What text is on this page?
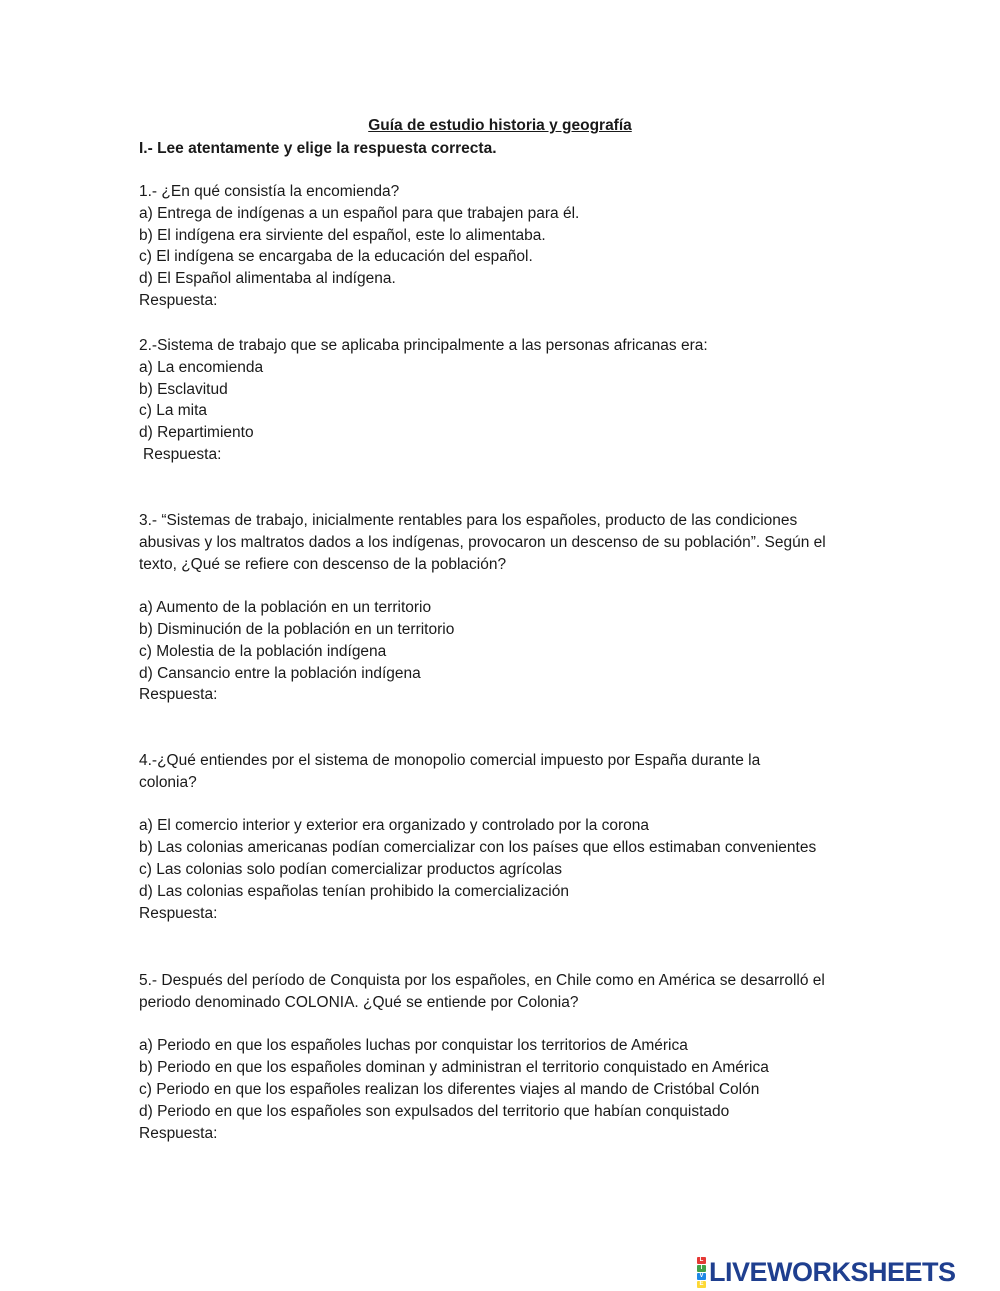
Guía de estudio historia y geografía

I.- Lee atentamente y elige la respuesta correcta.

1.- ¿En qué consistía la encomienda?
a) Entrega de indígenas a un español para que trabajen para él.
b) El indígena era sirviente del español, este lo alimentaba.
c) El indígena se encargaba de la educación del español.
d) El Español alimentaba al indígena.
Respuesta:
2.-Sistema de trabajo que se aplicaba principalmente a las personas africanas era:
a) La encomienda
b) Esclavitud
c) La mita
d) Repartimiento
Respuesta:
3.- “Sistemas de trabajo, inicialmente rentables para los españoles, producto de las condiciones
abusivas y los maltratos dados a los indígenas, provocaron un descenso de su población”. Según el
texto, ¿Qué se refiere con descenso de la población?
a) Aumento de la población en un territorio
b) Disminución de la población en un territorio
c) Molestia de la población indígena
d) Cansancio entre la población indígena
Respuesta:
4.-¿Qué entiendes por el sistema de monopolio comercial impuesto por España durante la
colonia?
a) El comercio interior y exterior era organizado y controlado por la corona
b) Las colonias americanas podían comercializar con los países que ellos estimaban convenientes
c) Las colonias solo podían comercializar productos agrícolas
d) Las colonias españolas tenían prohibido la comercialización
Respuesta:
5.- Después del período de Conquista por los españoles, en Chile como en América se desarrolló el
periodo denominado COLONIA. ¿Qué se entiende por Colonia?
a) Periodo en que los españoles luchas por conquistar los territorios de América
b) Periodo en que los españoles dominan y administran el territorio conquistado en América
c) Periodo en que los españoles realizan los diferentes viajes al mando de Cristóbal Colón
d) Periodo en que los españoles son expulsados del territorio que habían conquistado
Respuesta:
L
I
V
E LIVEWORKSHEETS
